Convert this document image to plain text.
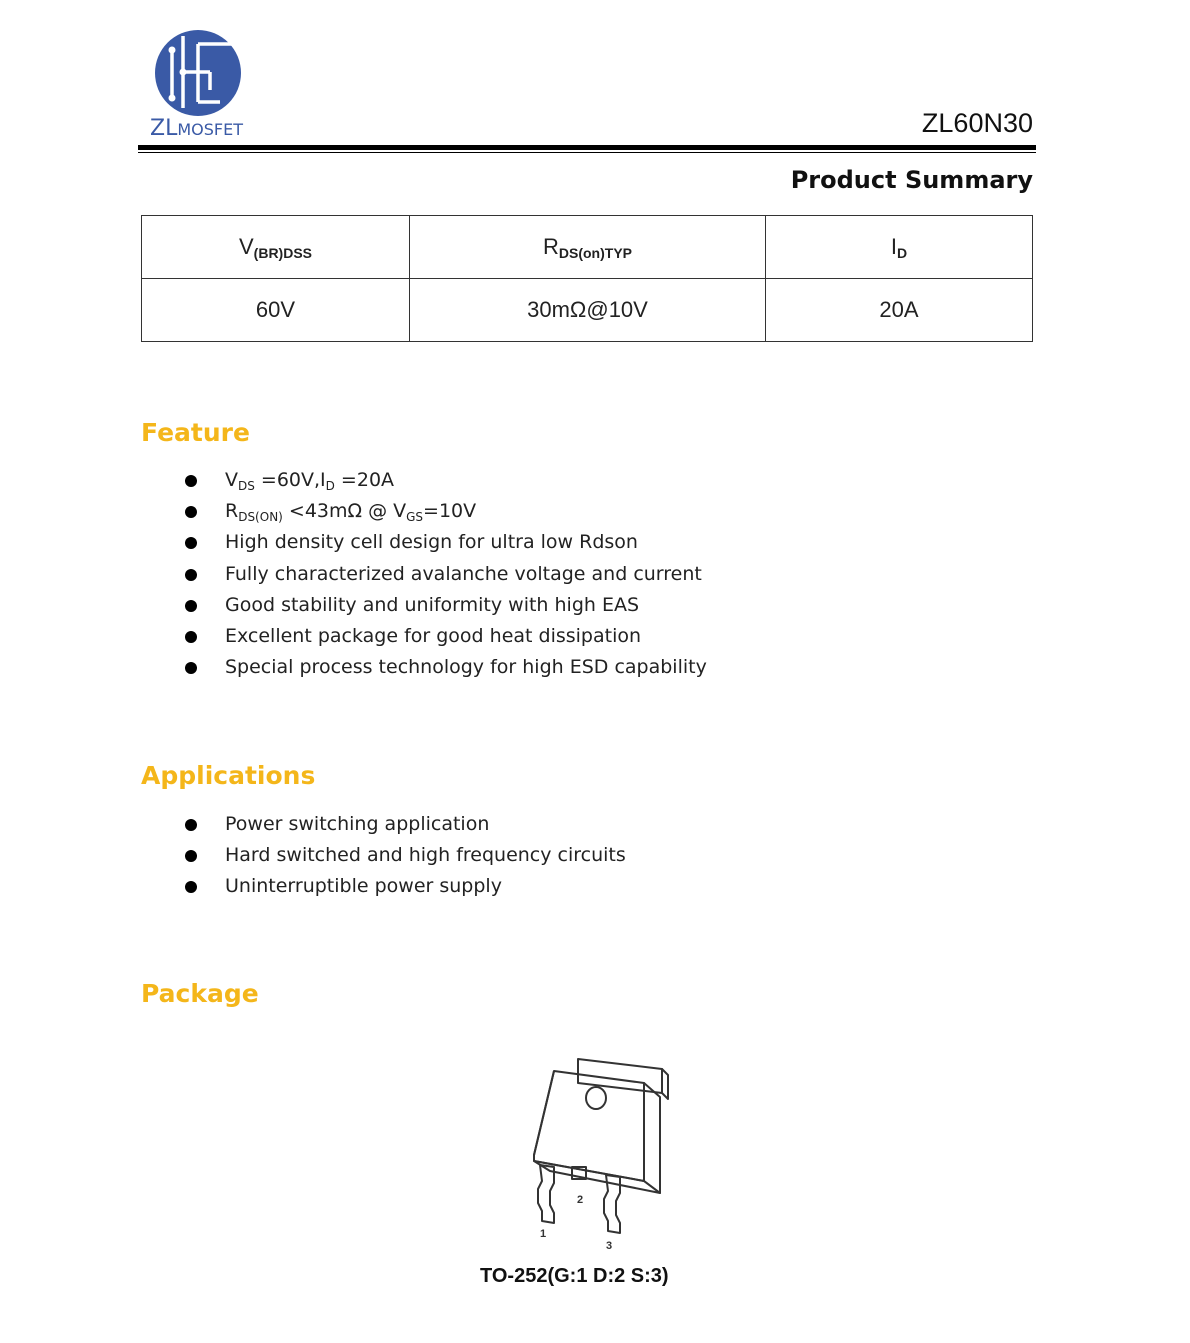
ZLMOSFET	ZL60N30
Product Summary
$V_{(BR)DSS}$	$R_{DS(on)TYP}$	$I_D$
60V	30mΩ@10V	20A
Feature
$V_{DS} =60V,I_D =20A$
$R_{DS(ON)} <43m\Omega$ @ $V_{GS}=10V$
High density cell design for ultra low Rdson
Fully characterized avalanche voltage and current
Good stability and uniformity with high EAS
Excellent package for good heat dissipation
Special process technology for high ESD capability
Applications
Power switching application
Hard switched and high frequency circuits
Uninterruptible power supply
Package
1
2
3
TO-252(G:1 D:2 S:3)
